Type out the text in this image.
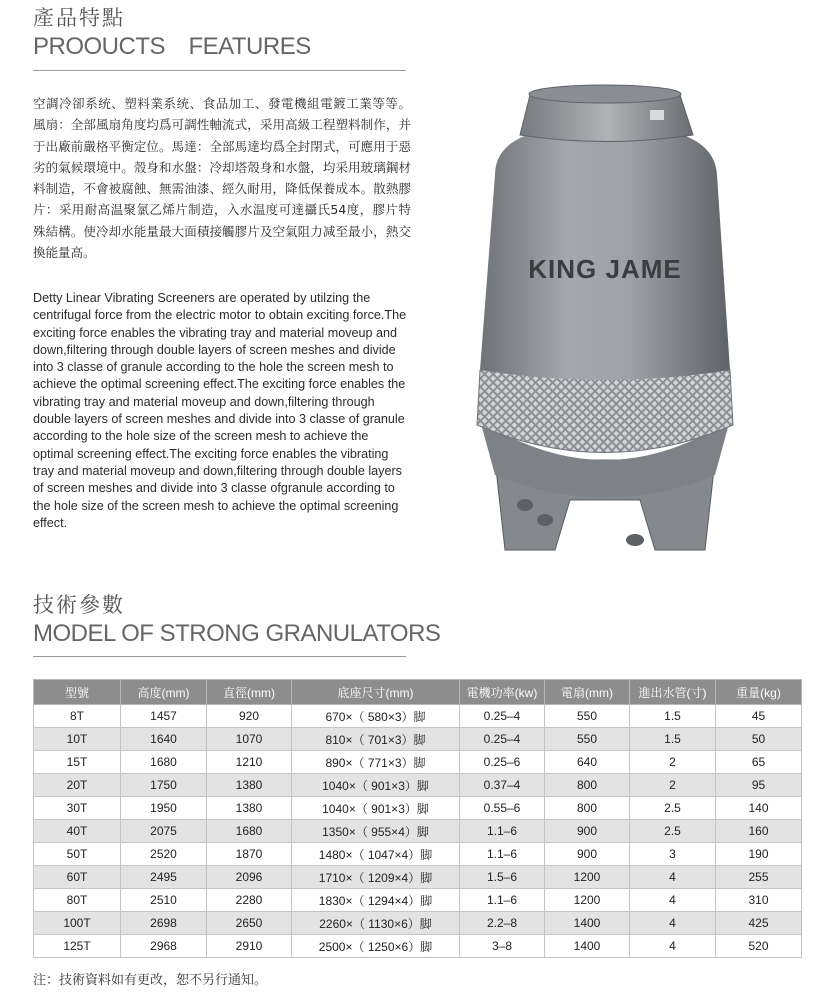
產品特點
PROOUCTS　FEATURES

空調冷卻系统、塑料業系统、食品加工、發電機組電鍍工業等等。 風扇：全部風扇角度均爲可調性軸流式，采用高級工程塑料制作，并于出廠前嚴格平衡定位。馬達：全部馬達均爲全封閉式，可應用于惡劣的氣候環境中。殼身和水盤：冷却塔殼身和水盤，均采用玻璃鋼材料制造，不會被腐蝕、無需油漆、經久耐用，降低保養成本。散熱膠片：采用耐高温聚氯乙烯片制造，入水温度可達攝氏54度，膠片特殊結構。使冷却水能量最大面積接觸膠片及空氣阻力减至最小，熱交換能量高。

Detty Linear Vibrating Screeners are operated by utilzing the centrifugal force from the electric motor to obtain exciting force.The exciting force enables the vibrating tray and material moveup and down,filtering through double layers of screen meshes and divide into 3 classe of granule according to the hole the screen mesh to achieve the optimal screening effect.The exciting force enables the vibrating tray and material moveup and down,filtering through double layers of screen meshes and divide into 3 classe of granule according to the hole size of the screen mesh to achieve the optimal screening effect.The exciting force enables the vibrating tray and material moveup and down,filtering through double layers of screen meshes and divide into 3 classe ofgranule according to the hole size of the screen mesh to achieve the optimal screening effect.

KING JAME
技術參數
MODEL OF STRONG GRANULATORS
型號	高度(mm)	直徑(mm)	底座尺寸(mm)	電機功率(kw)	電扇(mm)	進出水管(寸)	重量(kg)
8T	1457	920	670×（ 580×3）脚	0.25–4	550	1.5	45
10T	1640	1070	810×（ 701×3）脚	0.25–4	550	1.5	50
15T	1680	1210	890×（ 771×3）脚	0.25–6	640	2	65
20T	1750	1380	1040×（ 901×3）脚	0.37–4	800	2	95
30T	1950	1380	1040×（ 901×3）脚	0.55–6	800	2.5	140
40T	2075	1680	1350×（ 955×4）脚	1.1–6	900	2.5	160
50T	2520	1870	1480×（ 1047×4）脚	1.1–6	900	3	190
60T	2495	2096	1710×（ 1209×4）脚	1.5–6	1200	4	255
80T	2510	2280	1830×（ 1294×4）脚	1.1–6	1200	4	310
100T	2698	2650	2260×（ 1130×6）脚	2.2–8	1400	4	425
125T	2968	2910	2500×（ 1250×6）脚	3–8	1400	4	520
注：技術資料如有更改，恕不另行通知。
